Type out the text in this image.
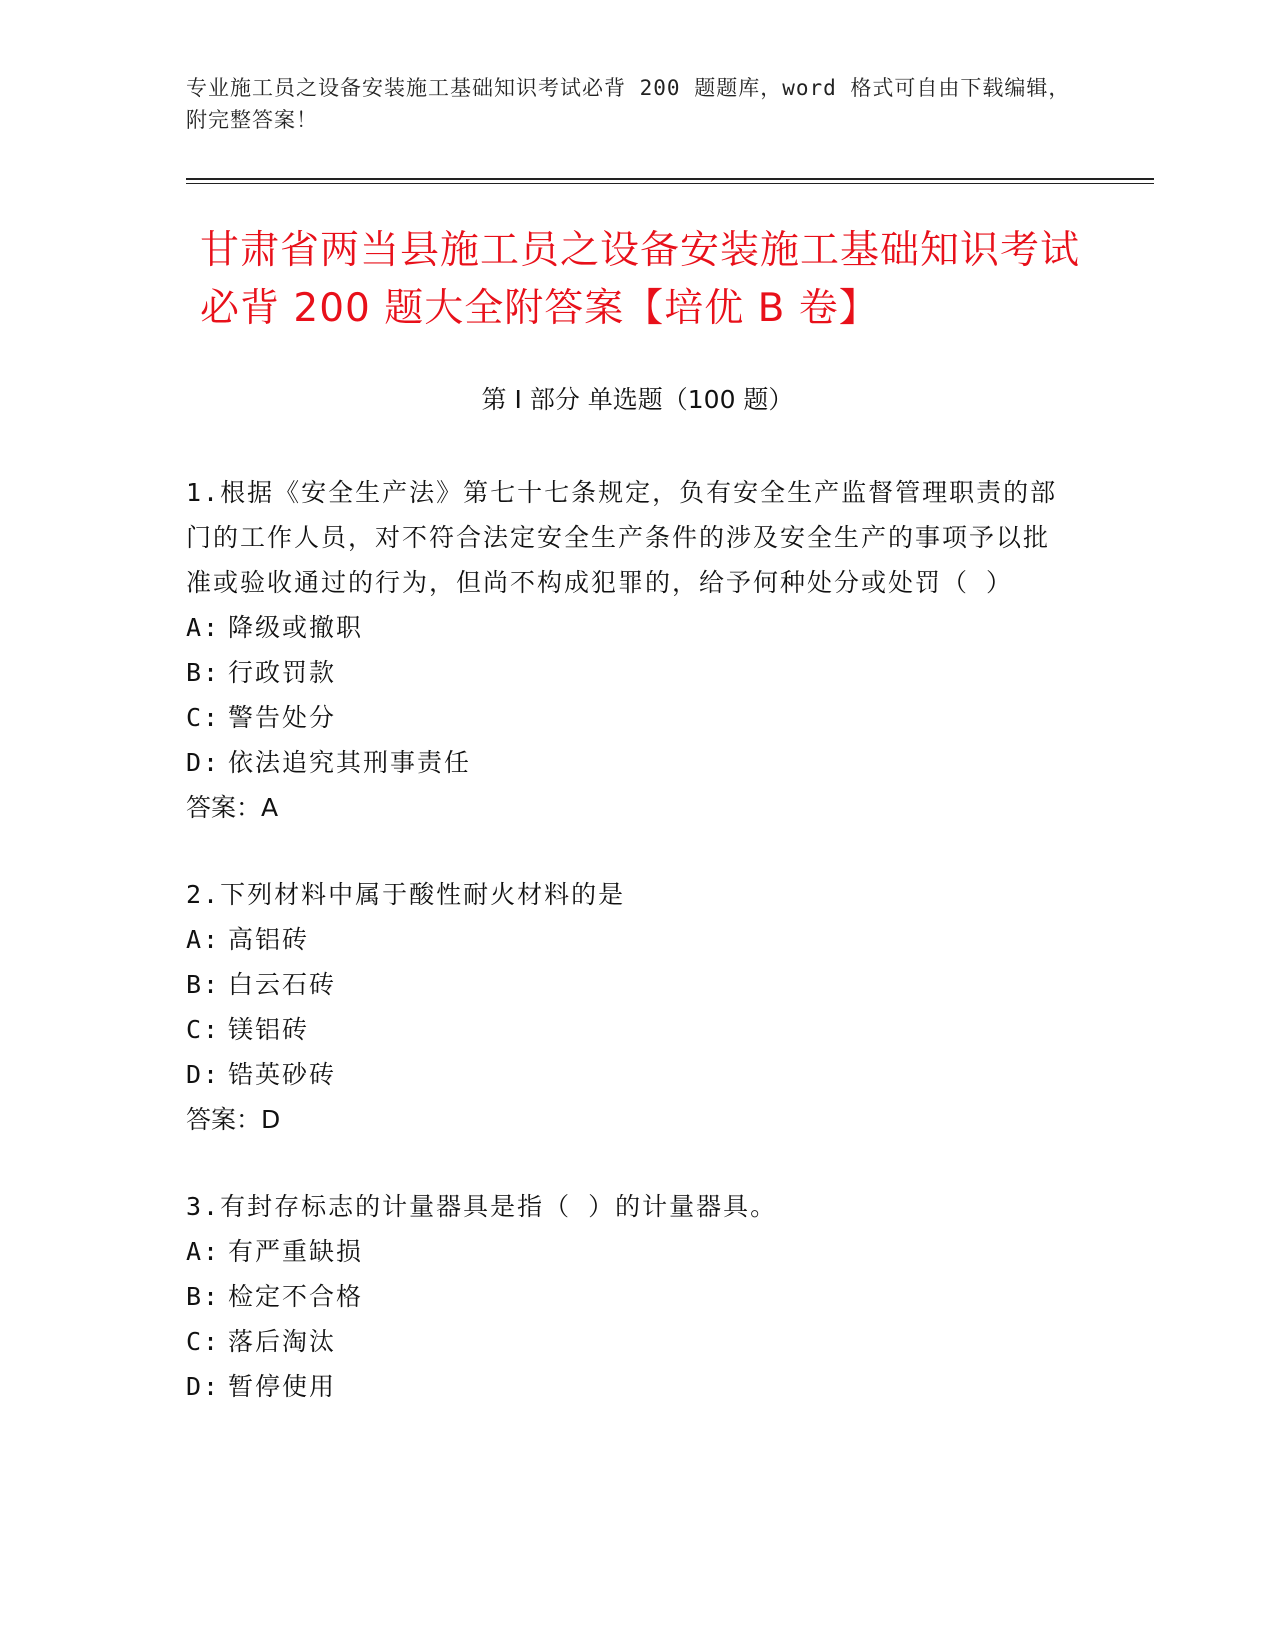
专业施工员之设备安装施工基础知识考试必背 200 题题库，word 格式可自由下载编辑，附完整答案！
甘肃省两当县施工员之设备安装施工基础知识考试必背 200 题大全附答案【培优 B 卷】
第 I 部分 单选题（100 题）

1.根据《安全生产法》第七十七条规定，负有安全生产监督管理职责的部门的工作人员，对不符合法定安全生产条件的涉及安全生产的事项予以批准或验收通过的行为，但尚不构成犯罪的，给予何种处分或处罚（ ）

A: 降级或撤职

B: 行政罚款

C: 警告处分

D: 依法追究其刑事责任

答案：A

2.下列材料中属于酸性耐火材料的是

A: 高铝砖

B: 白云石砖

C: 镁铝砖

D: 锆英砂砖

答案：D

3.有封存标志的计量器具是指（ ）的计量器具。

A: 有严重缺损

B: 检定不合格

C: 落后淘汰

D: 暂停使用
